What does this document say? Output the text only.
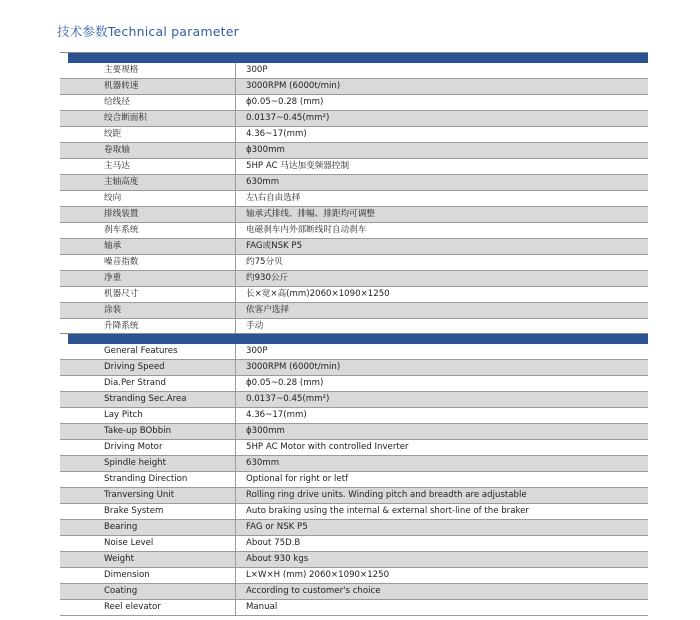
技术参数Technical parameter
主要规格	300P
机器转速	3000RPM (6000t/min)
给线径	ϕ0.05~0.28 (mm)
绞合断面积	0.0137~0.45(mm²)
绞距	4.36~17(mm)
卷取轴	ϕ300mm
主马达	5HP AC 马达加变频器控制
主轴高度	630mm
绞向	左\右自由选择
排线装置	轴承式排线、排幅、排距均可调整
刹车系统	电磁刹车内外部断线时自动刹车
轴承	FAG或NSK P5
噪音指数	约75分贝
净重	约930公斤
机器尺寸	长×宽×高(mm)2060×1090×1250
涂装	依客户选择
升降系统	手动
General Features	300P
Driving Speed	3000RPM (6000t/min)
Dia.Per Strand	ϕ0.05~0.28 (mm)
Stranding Sec.Area	0.0137~0.45(mm²)
Lay Pitch	4.36~17(mm)
Take-up BObbin	ϕ300mm
Driving Motor	5HP AC Motor with controlled Inverter
Spindle height	630mm
Stranding Direction	Optional for right or letf
Tranversing Unit	Rolling ring drive units. Winding pitch and breadth are adjustable
Brake System	Auto braking using the internal & external short-line of the braker
Bearing	FAG or NSK P5
Noise Level	About 75D.B
Weight	About 930 kgs
Dimension	L×W×H (mm) 2060×1090×1250
Coating	According to customer's choice
Reel elevator	Manual
